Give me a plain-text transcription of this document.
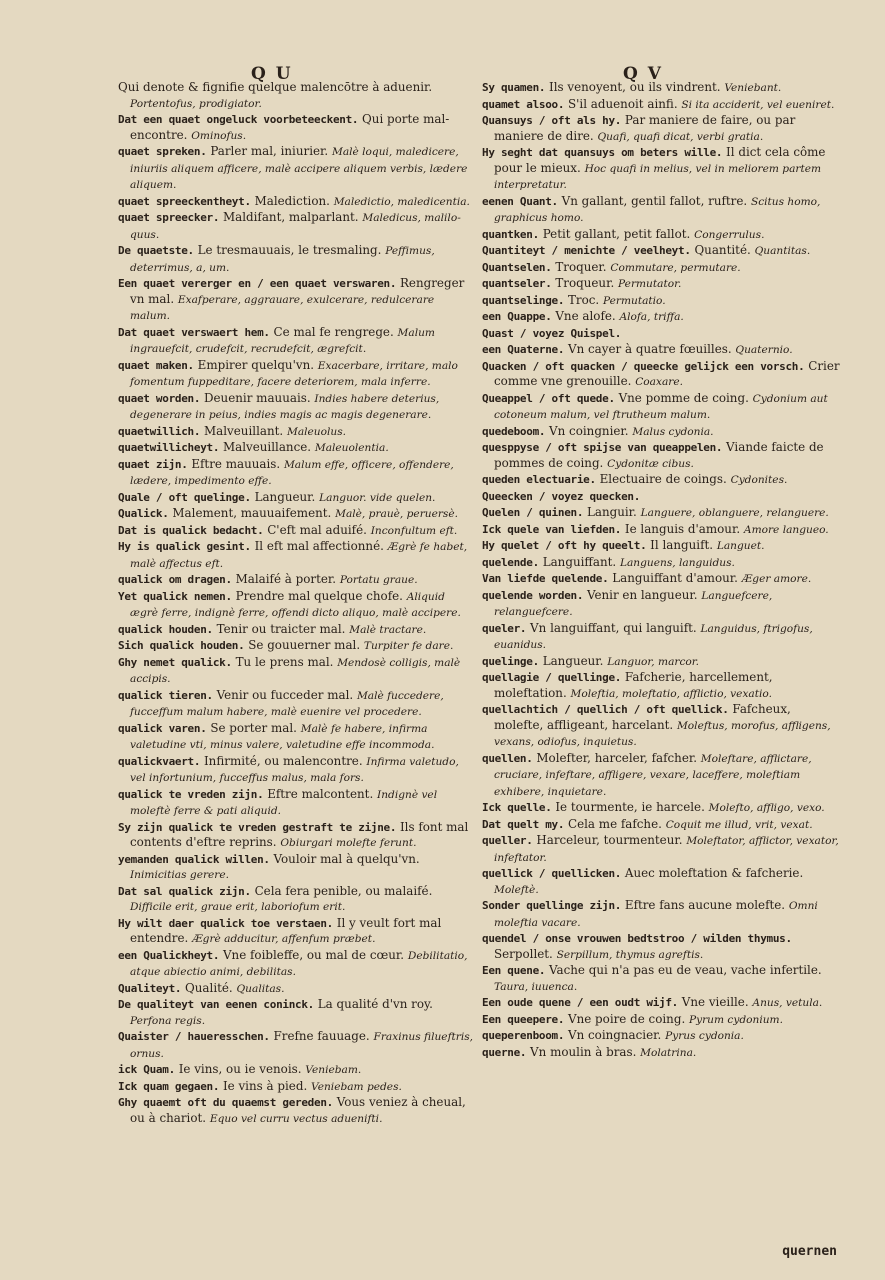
Q U	Q V
Qui denote & fignifie quelque malencōtre à aduenir. Portentofus, prodigiator.
Dat een quaet ongeluck voorbeteeckent. Qui porte mal-encontre. Ominofus.
quaet spreken. Parler mal, iniurier. Malè loqui, maledicere, iniuriis aliquem afficere, malè accipere aliquem verbis, lædere aliquem.
quaet spreeckentheyt. Malediction. Maledictio, maledicentia.
quaet spreecker. Maldifant, malparlant. Maledicus, malilo-quus.
De quaetste. Le tresmauuais, le tresmaling. Peffimus, deterrimus, a, um.
Een quaet vererger en / een quaet verswaren. Rengreger vn mal. Exafperare, aggrauare, exulcerare, redulcerare malum.
Dat quaet verswaert hem. Ce mal fe rengrege. Malum ingrauefcit, crudefcit, recrudefcit, ægrefcit.
quaet maken. Empirer quelqu'vn. Exacerbare, irritare, malo fomentum fuppeditare, facere deteriorem, mala inferre.
quaet worden. Deuenir mauuais. Indies habere deterius, degenerare in peius, indies magis ac magis degenerare.
quaetwillich. Malveuillant. Maleuolus.
quaetwillicheyt. Malveuillance. Maleuolentia.
quaet zijn. Eftre mauuais. Malum effe, officere, offendere, lædere, impedimento effe.
Quale / oft quelinge. Langueur. Languor. vide quelen.
Qualick. Malement, mauuaifement. Malè, prauè, peruersè.
Dat is qualick bedacht. C'eft mal aduifé. Inconfultum eft.
Hy is qualick gesint. Il eft mal affectionné. Ægrè fe habet, malè affectus eft.
qualick om dragen. Malaifé à porter. Portatu graue.
Yet qualick nemen. Prendre mal quelque chofe. Aliquid ægrè ferre, indignè ferre, offendi dicto aliquo, malè accipere.
qualick houden. Tenir ou traicter mal. Malè tractare.
Sich qualick houden. Se gouuerner mal. Turpiter fe dare.
Ghy nemet qualick. Tu le prens mal. Mendosè colligis, malè accipis.
qualick tieren. Venir ou fucceder mal. Malè fuccedere, fucceffum malum habere, malè euenire vel procedere.
qualick varen. Se porter mal. Malè fe habere, infirma valetudine vti, minus valere, valetudine effe incommoda.
qualickvaert. Infirmité, ou malencontre. Infirma valetudo, vel infortunium, fucceffus malus, mala fors.
qualick te vreden zijn. Eftre malcontent. Indignè vel moleftè ferre & pati aliquid.
Sy zijn qualick te vreden gestraft te zijne. Ils font mal contents d'eftre reprins. Obiurgari molefte ferunt.
yemanden qualick willen. Vouloir mal à quelqu'vn. Inimicitias gerere.
Dat sal qualick zijn. Cela fera penible, ou malaifé. Difficile erit, graue erit, laboriofum erit.
Hy wilt daer qualick toe verstaen. Il y veult fort mal entendre. Ægrè adducitur, affenfum præbet.
een Qualickheyt. Vne foibleffe, ou mal de cœur. Debilitatio, atque abiectio animi, debilitas.
Qualiteyt. Qualité. Qualitas.
De qualiteyt van eenen coninck. La qualité d'vn roy. Perfona regis.
Quaister / haueresschen. Frefne fauuage. Fraxinus filueftris, ornus.
ick Quam. Ie vins, ou ie venois. Veniebam.
Ick quam gegaen. Ie vins à pied. Veniebam pedes.
Ghy quaemt oft du quaemst gereden. Vous veniez à cheual, ou à chariot. Equo vel curru vectus aduenifti.
Sy quamen. Ils venoyent, ou ils vindrent. Veniebant.
quamet alsoo. S'il aduenoit ainfi. Si ita acciderit, vel eueniret.
Quansuys / oft als hy. Par maniere de faire, ou par maniere de dire. Quafi, quafi dicat, verbi gratia.
Hy seght dat quansuys om beters wille. Il dict cela côme pour le mieux. Hoc quafi in melius, vel in meliorem partem interpretatur.
eenen Quant. Vn gallant, gentil fallot, ruftre. Scitus homo, graphicus homo.
quantken. Petit gallant, petit fallot. Congerrulus.
Quantiteyt / menichte / veelheyt. Quantité. Quantitas.
Quantselen. Troquer. Commutare, permutare.
quantseler. Troqueur. Permutator.
quantselinge. Troc. Permutatio.
een Quappe. Vne alofe. Alofa, triffa.
Quast / voyez Quispel.
een Quaterne. Vn cayer à quatre fœuilles. Quaternio.
Quacken / oft quacken / queecke gelijck een vorsch. Crier comme vne grenouille. Coaxare.
Queappel / oft quede. Vne pomme de coing. Cydonium aut cotoneum malum, vel ftrutheum malum.
quedeboom. Vn coingnier. Malus cydonia.
quesppyse / oft spijse van queappelen. Viande faicte de pommes de coing. Cydonitæ cibus.
queden electuarie. Electuaire de coings. Cydonites.
Queecken / voyez quecken.
Quelen / quinen. Languir. Languere, oblanguere, relanguere.
Ick quele van liefden. Ie languis d'amour. Amore langueo.
Hy quelet / oft hy queelt. Il languift. Languet.
quelende. Languiffant. Languens, languidus.
Van liefde quelende. Languiffant d'amour. Æger amore.
quelende worden. Venir en langueur. Languefcere, relanguefcere.
queler. Vn languiffant, qui languift. Languidus, ftrigofus, euanidus.
quelinge. Langueur. Languor, marcor.
quellagie / quellinge. Fafcherie, harcellement, moleftation. Moleftia, moleftatio, afflictio, vexatio.
quellachtich / quellich / oft quellick. Fafcheux, molefte, affligeant, harcelant. Moleftus, morofus, affligens, vexans, odiofus, inquietus.
quellen. Molefter, harceler, fafcher. Moleftare, afflictare, cruciare, infeftare, affligere, vexare, laceffere, moleftiam exhibere, inquietare.
Ick quelle. Ie tourmente, ie harcele. Molefto, affligo, vexo.
Dat quelt my. Cela me fafche. Coquit me illud, vrit, vexat.
queller. Harceleur, tourmenteur. Moleftator, afflictor, vexator, infeftator.
quellick / quellicken. Auec moleftation & fafcherie. Moleftè.
Sonder quellinge zijn. Eftre fans aucune molefte. Omni moleftia vacare.
quendel / onse vrouwen bedtstroo / wilden thymus. Serpollet. Serpillum, thymus agreftis.
Een quene. Vache qui n'a pas eu de veau, vache infertile. Taura, iuuenca.
Een oude quene / een oudt wijf. Vne vieille. Anus, vetula.
Een queepere. Vne poire de coing. Pyrum cydonium.
queperenboom. Vn coingnacier. Pyrus cydonia.
querne. Vn moulin à bras. Molatrina.
quernen
